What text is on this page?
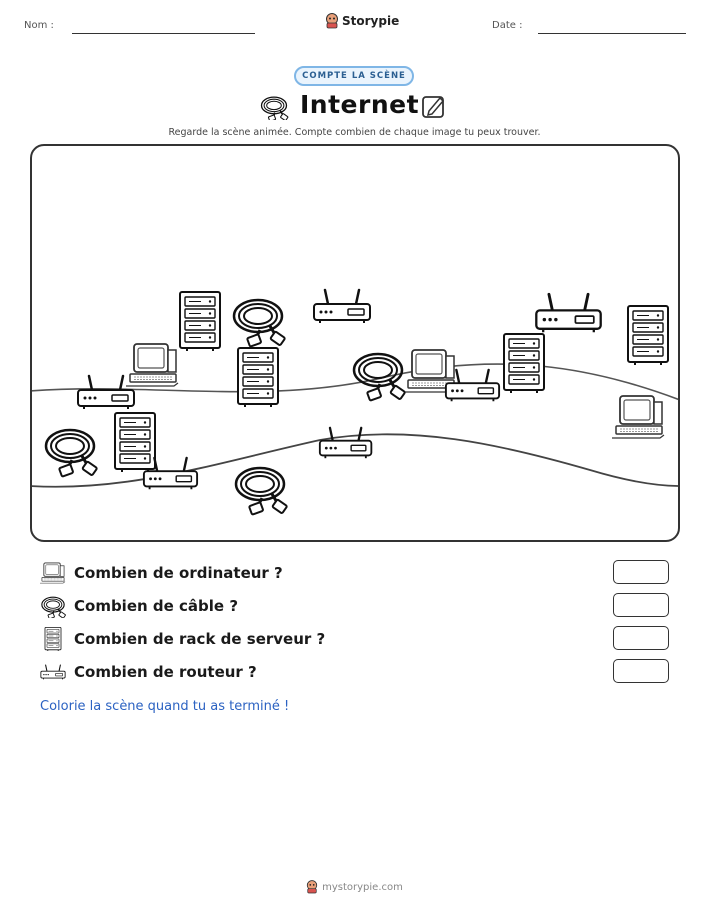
Nom :	Storypie	Date :
COMPTE LA SCÈNE
Internet
Regarde la scène animée. Compte combien de chaque image tu peux trouver.
Combien de ordinateur ?
Combien de câble ?
Combien de rack de serveur ?
Combien de routeur ?
Colorie la scène quand tu as terminé !
mystorypie.com
